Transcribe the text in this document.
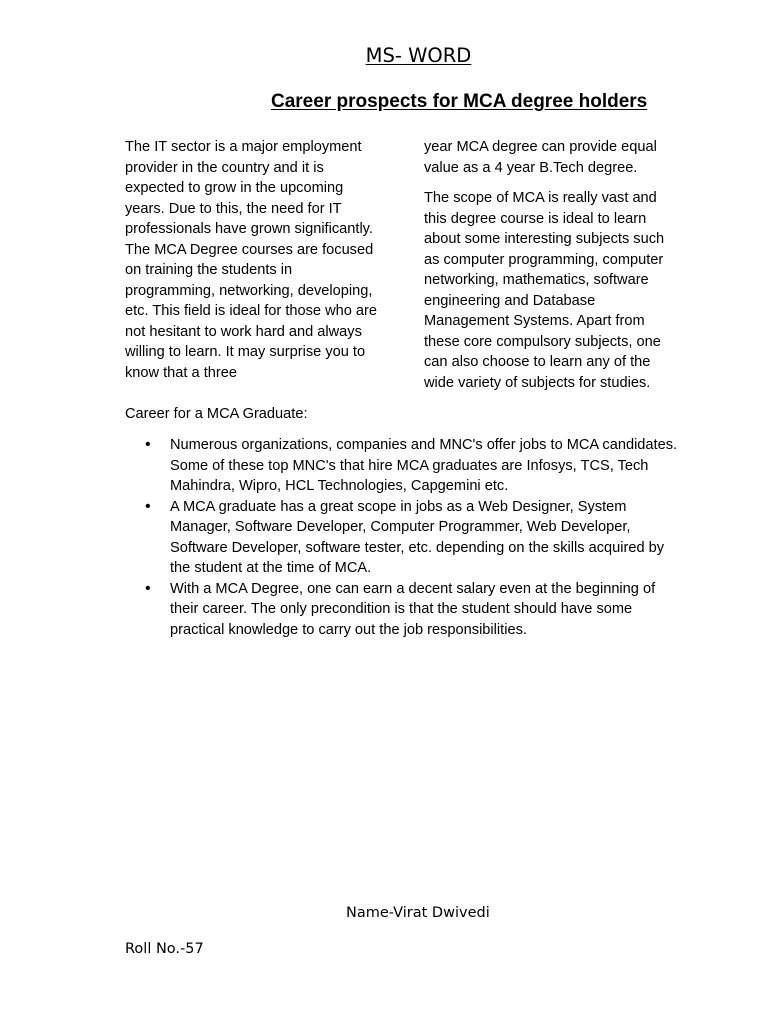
MS- WORD
Career prospects for MCA degree holders

The IT sector is a major employment provider in the country and it is expected to grow in the upcoming years. Due to this, the need for IT professionals have grown significantly. The MCA Degree courses are focused on training the students in programming, networking, developing, etc. This field is ideal for those who are not hesitant to work hard and always willing to learn. It may surprise you to know that a three

year MCA degree can provide equal value as a 4 year B.Tech degree.

The scope of MCA is really vast and this degree course is ideal to learn about some interesting subjects such as computer programming, computer networking, mathematics, software engineering and Database Management Systems. Apart from these core compulsory subjects, one can also choose to learn any of the wide variety of subjects for studies.

Career for a MCA Graduate:

• Numerous organizations, companies and MNC's offer jobs to MCA candidates. Some of these top MNC's that hire MCA graduates are Infosys, TCS, Tech Mahindra, Wipro, HCL Technologies, Capgemini etc.
• A MCA graduate has a great scope in jobs as a Web Designer, System Manager, Software Developer, Computer Programmer, Web Developer, Software Developer, software tester, etc. depending on the skills acquired by the student at the time of MCA.
• With a MCA Degree, one can earn a decent salary even at the beginning of their career. The only precondition is that the student should have some practical knowledge to carry out the job responsibilities.
Name-Virat Dwivedi
Roll No.-57
